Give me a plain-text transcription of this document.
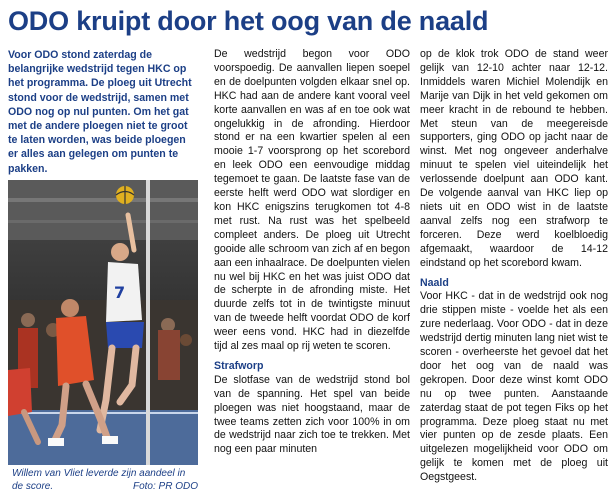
ODO kruipt door het oog van de naald

Voor ODO stond zaterdag de belangrijke wedstrijd tegen HKC op het programma. De ploeg uit Utrecht stond voor de wedstrijd, samen met ODO nog op nul punten. Om het gat met de andere ploegen niet te groot te laten worden, was beide ploegen er alles aan gelegen om punten te pakken.

7
Willem van Vliet leverde zijn aandeel in de score.	Foto: PR ODO

De wedstrijd begon voor ODO voorspoedig. De aanvallen liepen soepel en de doelpunten volgden elkaar snel op. HKC had aan de andere kant vooral veel korte aanvallen en was af en toe ook wat ongelukkig in de afronding. Hierdoor stond er na een kwartier spelen al een mooie 1-7 voorsprong op het scorebord en leek ODO een eenvoudige middag tegemoet te gaan. De laatste fase van de eerste helft werd ODO wat slordiger en kon HKC enigszins terugkomen tot 4-8 met rust. Na rust was het spelbeeld compleet anders. De ploeg uit Utrecht gooide alle schroom van zich af en begon aan een inhaalrace. De doelpunten vielen nu wel bij HKC en het was juist ODO dat de scherpte in de afronding miste. Het duurde zelfs tot in de twintigste minuut van de tweede helft voordat ODO de korf weer eens vond. HKC had in diezelfde tijd al zes maal op rij weten te scoren.

Strafworp

De slotfase van de wedstrijd stond bol van de spanning. Het spel van beide ploegen was niet hoogstaand, maar de twee teams zetten zich voor 100% in om de wedstrijd naar zich toe te trekken. Met nog een paar minuten

op de klok trok ODO de stand weer gelijk van 12-10 achter naar 12-12. Inmiddels waren Michiel Molendijk en Marije van Dijk in het veld gekomen om meer kracht in de rebound te hebben. Met steun van de meegereisde supporters, ging ODO op jacht naar de winst. Met nog ongeveer anderhalve minuut te spelen viel uiteindelijk het verlossende doelpunt aan ODO kant. De volgende aanval van HKC liep op niets uit en ODO wist in de laatste aanval zelfs nog een strafworp te forceren. Deze werd koelbloedig afgemaakt, waardoor de 14-12 eindstand op het scorebord kwam.

Naald

Voor HKC - dat in de wedstrijd ook nog drie stippen miste - voelde het als een zure nederlaag. Voor ODO - dat in deze wedstrijd dertig minuten lang niet wist te scoren - overheerste het gevoel dat het door het oog van de naald was gekropen. Door deze winst komt ODO nu op twee punten. Aanstaande zaterdag staat de pot tegen Fiks op het programma. Deze ploeg staat nu met vier punten op de zesde plaats. Een uitgelezen mogelijkheid voor ODO om gelijk te komen met de ploeg uit Oegstgeest.
